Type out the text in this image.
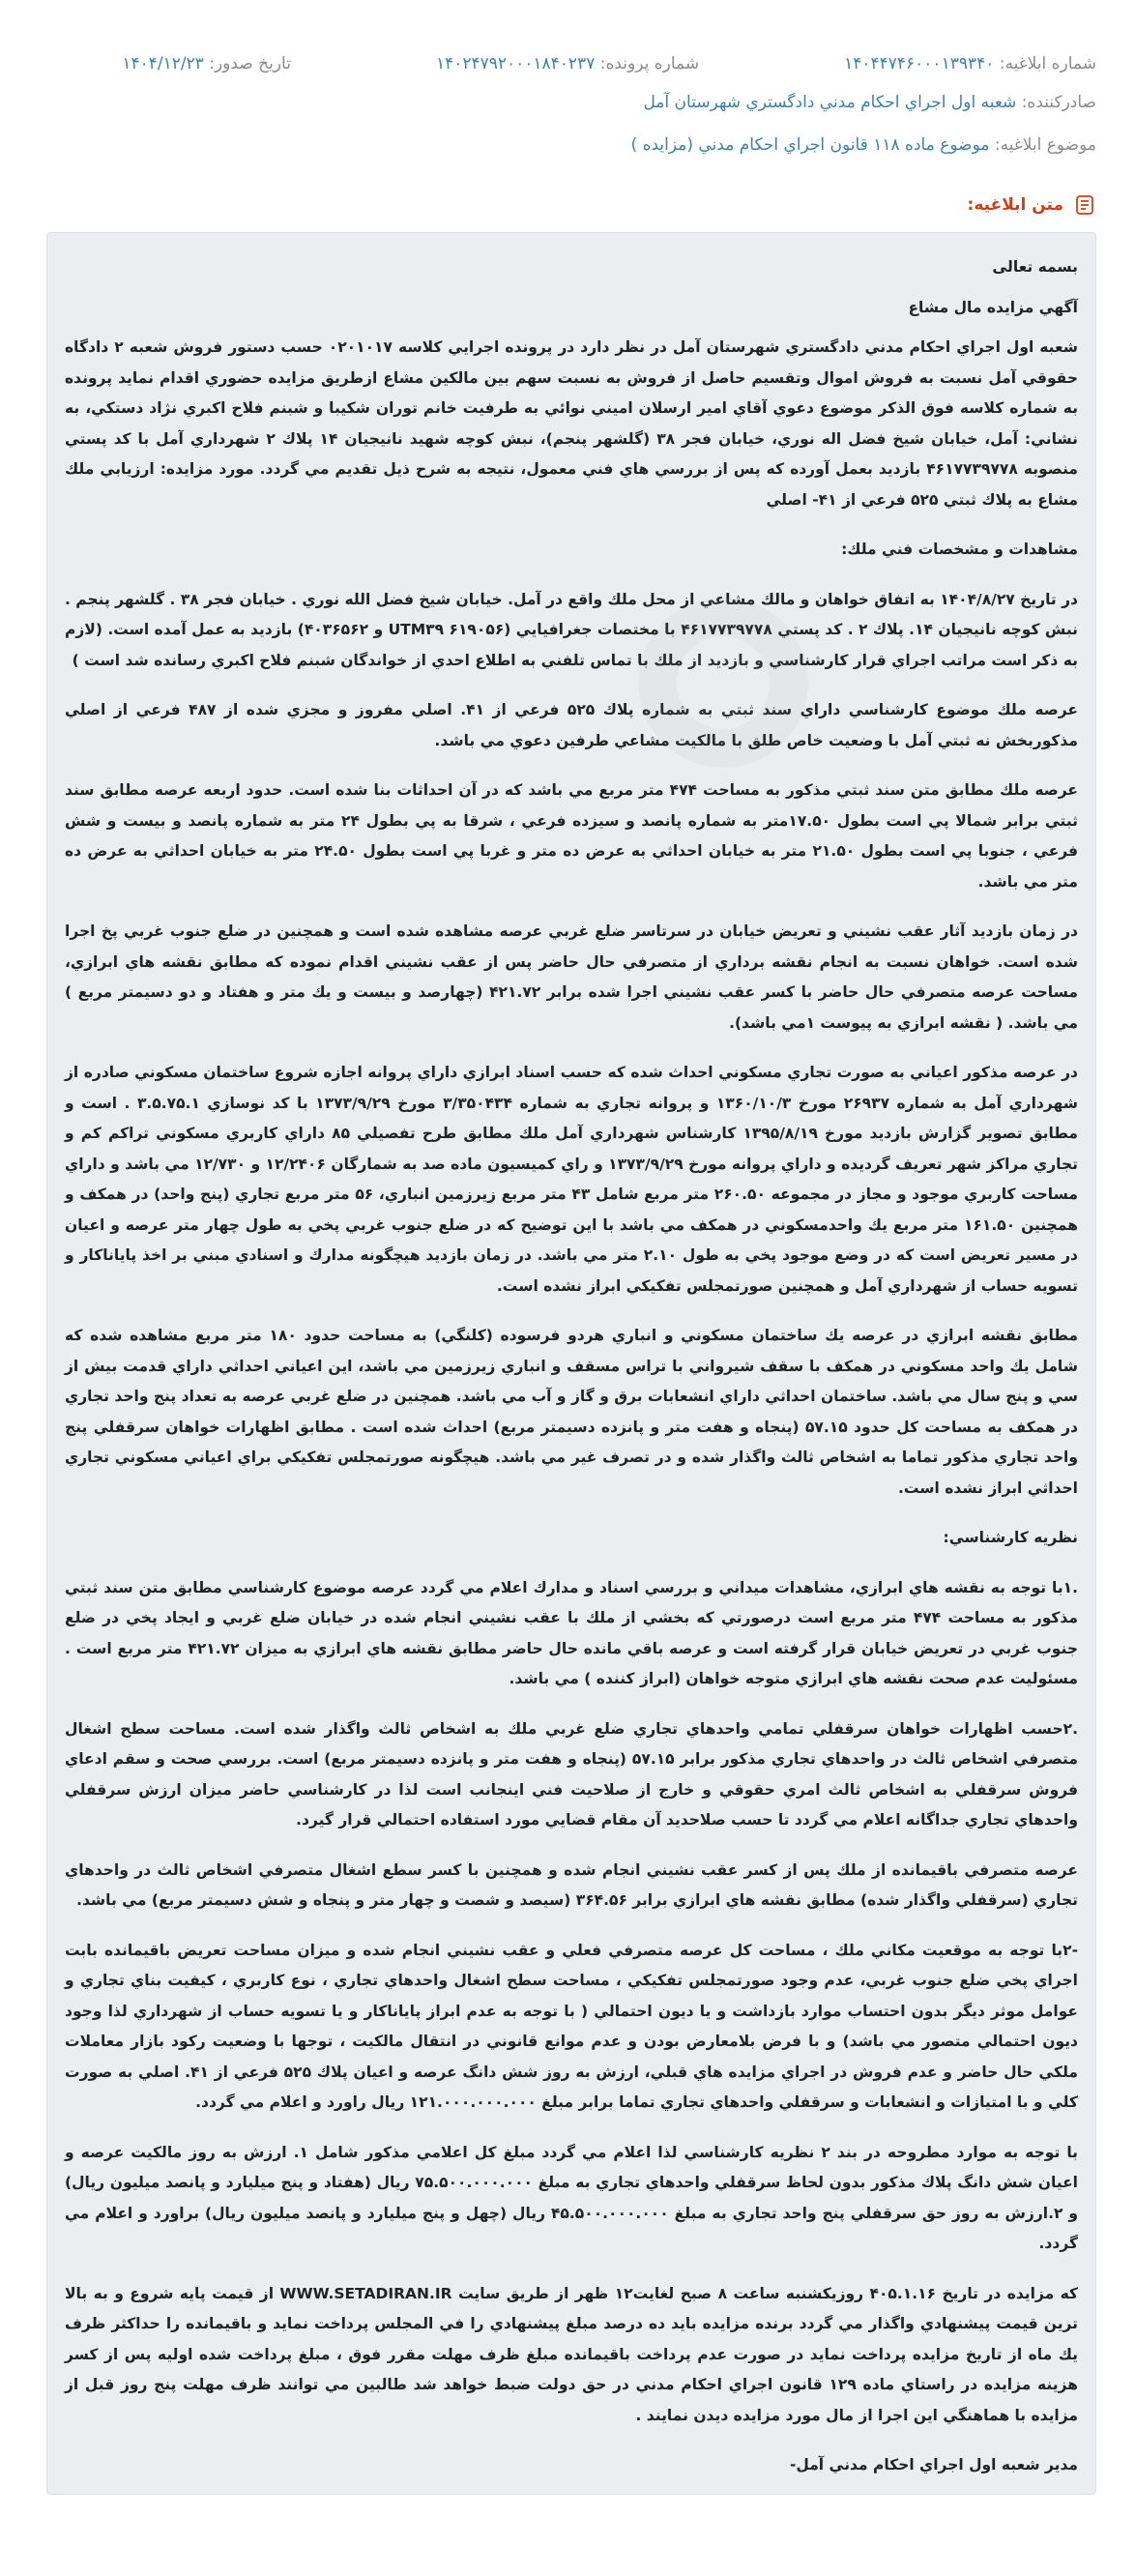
شماره ابلاغيه: ۱۴۰۴۴۷۴۶۰۰۰۱۳۹۳۴۰
شماره پرونده: ۱۴۰۲۴۷۹۲۰۰۰۱۸۴۰۲۳۷
تاريخ صدور: ۱۴۰۴/۱۲/۲۳
صادركننده: شعبه اول اجراي احكام مدني دادگستري شهرستان آمل
موضوع ابلاغيه: موضوع ماده ۱۱۸ قانون اجراي احكام مدني (مزايده )
متن ابلاغيه:

بسمه تعالی

آگهي مزايده مال مشاع

شعبه اول اجراي احكام مدني دادگستري شهرستان آمل در نظر دارد در پرونده اجرايي كلاسه ۰۲۰۱۰۱۷ حسب دستور فروش شعبه ۲ دادگاه حقوقي آمل نسبت به فروش اموال وتقسيم حاصل از فروش به نسبت سهم بين مالكين مشاع ازطريق مزايده حضوري اقدام نمايد پرونده به شماره كلاسه فوق الذكر موضوع دعوي آقاي امير ارسلان اميني نوائي به طرفيت خانم توران شكيبا و شبنم فلاح اكبري نژاد دستكي، به نشاني: آمل، خيابان شيخ فضل اله نوري، خيابان فجر ۳۸ (گلشهر پنجم)، نبش كوچه شهيد نانيجيان ۱۴ پلاك ۲ شهرداري آمل با كد پستي منصوبه ۴۶۱۷۷۳۹۷۷۸ بازديد بعمل آورده كه پس از بررسي هاي فني معمول، نتيجه به شرح ذيل تقديم مي گردد. مورد مزايده: ارزيابي ملك مشاع به پلاك ثبتي ۵۲۵ فرعي از ۴۱- اصلي

مشاهدات و مشخصات فني ملك:

در تاريخ ۱۴۰۴/۸/۲۷ به اتفاق خواهان و مالك مشاعي از محل ملك واقع در آمل. خيابان شيخ فضل الله نوري . خيابان فجر ۳۸ . گلشهر پنجم . نبش كوچه نانيجيان ۱۴. پلاك ۲ . كد پستي ۴۶۱۷۷۳۹۷۷۸ با مختصات جغرافيايي (۶۱۹۰۵۶ UTM۳۹ و ۴۰۳۶۵۶۲) بازديد به عمل آمده است. (لازم به ذكر است مراتب اجراي قرار كارشناسي و بازديد از ملك با تماس تلفني به اطلاع احدي از خواندگان شبنم فلاح اكبري رسانده شد است )

عرصه ملك موضوع كارشناسي داراي سند ثبتي به شماره پلاك ۵۲۵ فرعي از ۴۱. اصلي مفروز و مجزي شده از ۴۸۷ فرعي از اصلي مذكوربخش نه ثبتي آمل با وضعيت خاص طلق با مالكيت مشاعي طرفين دعوي مي باشد.

عرصه ملك مطابق متن سند ثبتي مذكور به مساحت ۴۷۴ متر مربع مي باشد كه در آن احداثات بنا شده است. حدود اربعه عرصه مطابق سند ثبتي برابر شمالا پي است بطول ۱۷.۵۰متر به شماره پانصد و سيزده فرعي ، شرقا به پي بطول ۲۴ متر به شماره پانصد و بيست و شش فرعي ، جنوبا پي است بطول ۲۱.۵۰ متر به خيابان احداثي به عرض ده متر و غربا پي است بطول ۲۴.۵۰ متر به خيابان احداثي به عرض ده متر مي باشد.

در زمان بازديد آثار عقب نشيني و تعريض خيابان در سرتاسر ضلع غربي عرصه مشاهده شده است و همچنين در ضلع جنوب غربي پخ اجرا شده است. خواهان نسبت به انجام نقشه برداري از متصرفي حال حاضر پس از عقب نشيني اقدام نموده كه مطابق نقشه هاي ابرازي، مساحت عرصه متصرفي حال حاضر با كسر عقب نشيني اجرا شده برابر ۴۲۱.۷۲ (چهارصد و بيست و يك متر و هفتاد و دو دسيمتر مربع ) مي باشد. ( نقشه ابرازي به پيوست ۱مي باشد).

در عرصه مذكور اعياني به صورت تجاري مسكوني احداث شده كه حسب اسناد ابرازي داراي پروانه اجازه شروع ساختمان مسكوني صادره از شهرداري آمل به شماره ۲۶۹۳۷ مورخ ۱۳۶۰/۱۰/۳ و پروانه تجاري به شماره ۳/۳۵۰۴۳۴ مورخ ۱۳۷۳/۹/۲۹ با كد نوسازي ۳.۵.۷۵.۱ . است و مطابق تصوير گزارش بازديد مورخ ۱۳۹۵/۸/۱۹ كارشناس شهرداري آمل ملك مطابق طرح تفصيلي ۸۵ داراي كاربري مسكوني تراكم كم و تجاري مراكز شهر تعريف گرديده و داراي پروانه مورخ ۱۳۷۳/۹/۲۹ و راي كميسيون ماده صد به شمارگان ۱۲/۲۴۰۶ و ۱۲/۷۳۰ مي باشد و داراي مساحت كاربري موجود و مجاز در مجموعه ۲۶۰.۵۰ متر مربع شامل ۴۳ متر مربع زيرزمين انباري، ۵۶ متر مربع تجاري (پنج واحد) در همكف و همچنين ۱۶۱.۵۰ متر مربع يك واحدمسكوني در همكف مي باشد با اين توضيح كه در ضلع جنوب غربي پخي به طول چهار متر عرصه و اعيان در مسير تعريض است كه در وضع موجود پخي به طول ۲.۱۰ متر مي باشد. در زمان بازديد هيچگونه مدارك و اسنادي مبني بر اخذ پاياناكار و تسويه حساب از شهرداري آمل و همچنين صورتمجلس تفكيكي ابراز نشده است.

مطابق نقشه ابرازي در عرصه يك ساختمان مسكوني و انباري هردو فرسوده (كلنگي) به مساحت حدود ۱۸۰ متر مربع مشاهده شده كه شامل يك واحد مسكوني در همكف با سقف شيرواني با تراس مسقف و انباري زيرزمين مي باشد، اين اعياني احداثي داراي قدمت بيش از سي و پنج سال مي باشد. ساختمان احداثي داراي انشعابات برق و گاز و آب مي باشد. همچنين در ضلع غربي عرصه به تعداد پنج واحد تجاري در همكف به مساحت كل حدود ۵۷.۱۵ (پنجاه و هفت متر و پانزده دسيمتر مربع) احداث شده است . مطابق اظهارات خواهان سرقفلي پنج واحد تجاري مذكور تماما به اشخاص ثالث واگذار شده و در تصرف غير مي باشد. هيچگونه صورتمجلس تفكيكي براي اعياني مسكوني تجاري احداثي ابراز نشده است.

نظريه كارشناسي:

.۱با توجه به نقشه هاي ابرازي، مشاهدات ميداني و بررسي اسناد و مدارك اعلام مي گردد عرصه موضوع كارشناسي مطابق متن سند ثبتي مذكور به مساحت ۴۷۴ متر مربع است درصورتي كه بخشي از ملك با عقب نشيني انجام شده در خيابان ضلع غربي و ايجاد پخي در ضلع جنوب غربي در تعريض خيابان قرار گرفته است و عرصه باقي مانده حال حاضر مطابق نقشه هاي ابرازي به ميزان ۴۲۱.۷۲ متر مربع است . مسئوليت عدم صحت نقشه هاي ابرازي متوجه خواهان (ابراز كننده ) مي باشد.

.۲حسب اظهارات خواهان سرقفلي تمامي واحدهاي تجاري ضلع غربي ملك به اشخاص ثالث واگذار شده است. مساحت سطح اشغال متصرفي اشخاص ثالث در واحدهاي تجاري مذكور برابر ۵۷.۱۵ (پنجاه و هفت متر و پانزده دسيمتر مربع) است. بررسي صحت و سقم ادعاي فروش سرقفلي به اشخاص ثالث امري حقوقي و خارج از صلاحيت فني اينجانب است لذا در كارشناسي حاضر ميزان ارزش سرقفلي واحدهاي تجاري جداگانه اعلام مي گردد تا حسب صلاحديد آن مقام قضايي مورد استفاده احتمالي قرار گيرد.

عرصه متصرفي باقيمانده از ملك پس از كسر عقب نشيني انجام شده و همچنين با كسر سطع اشغال متصرفي اشخاص ثالث در واحدهاي تجاري (سرقفلي واگذار شده) مطابق نقشه هاي ابرازي برابر ۳۶۴.۵۶ (سيصد و شصت و چهار متر و پنجاه و شش دسيمتر مربع) مي باشد.

-۲با توجه به موقعيت مكاني ملك ، مساحت كل عرصه متصرفي فعلي و عقب نشيني انجام شده و ميزان مساحت تعريض باقيمانده بابت اجراي پخي ضلع جنوب غربي، عدم وجود صورتمجلس تفكيكي ، مساحت سطح اشغال واحدهاي تجاري ، نوع كاربري ، كيفيت بناي تجاري و عوامل موثر ديگر بدون احتساب موارد بازداشت و يا ديون احتمالي ( با توجه به عدم ابراز پاياناكار و يا تسويه حساب از شهرداري لذا وجود ديون احتمالي متصور مي باشد) و با فرض بلامعارض بودن و عدم موانع قانوني در انتقال مالكيت ، توجها با وضعيت ركود بازار معاملات ملكي حال حاضر و عدم فروش در اجراي مزايده هاي قبلي، ارزش به روز شش دانگ عرصه و اعيان پلاك ۵۲۵ فرعي از ۴۱. اصلي به صورت كلي و با امتيازات و انشعابات و سرقفلي واحدهاي تجاري تماما برابر مبلغ ۱۲۱.۰۰۰.۰۰۰.۰۰۰ ريال راورد و اعلام مي گردد.

با توجه به موارد مطروحه در بند ۲ نظريه كارشناسي لذا اعلام مي گردد مبلغ كل اعلامي مذكور شامل ۱. ارزش به روز مالكيت عرصه و اعيان شش دانگ پلاك مذكور بدون لحاظ سرقفلي واحدهاي تجاري به مبلغ ۷۵.۵۰۰.۰۰۰.۰۰۰ ريال (هفتاد و پنج ميليارد و پانصد ميليون ريال) و ۲.ارزش به روز حق سرقفلي پنج واحد تجاري به مبلغ ۴۵.۵۰۰.۰۰۰.۰۰۰ ريال (چهل و پنج ميليارد و پانصد ميليون ريال) براورد و اعلام مي گردد.

كه مزايده در تاريخ ۴۰۵.۱.۱۶ روزيكشنبه ساعت ۸ صبح لغايت۱۲ ظهر از طريق سايت WWW.SETADIRAN.IR از قيمت پايه شروع و به بالا ترين قيمت پيشنهادي واگذار مي گردد برنده مزايده بايد ده درصد مبلغ پيشنهادي را في المجلس پرداخت نمايد و باقيمانده را حداكثر ظرف يك ماه از تاريخ مزايده پرداخت نمايد در صورت عدم پرداخت باقيمانده مبلغ ظرف مهلت مقرر فوق ، مبلغ پرداخت شده اوليه پس از كسر هزينه مزايده در راستاي ماده ۱۲۹ قانون اجراي احكام مدني در حق دولت ضبط خواهد شد طالبين مي توانند ظرف مهلت پنج روز قبل از مزايده با هماهنگي اين اجرا از مال مورد مزايده ديدن نمايند .

مدير شعبه اول اجراي احكام مدني آمل-
